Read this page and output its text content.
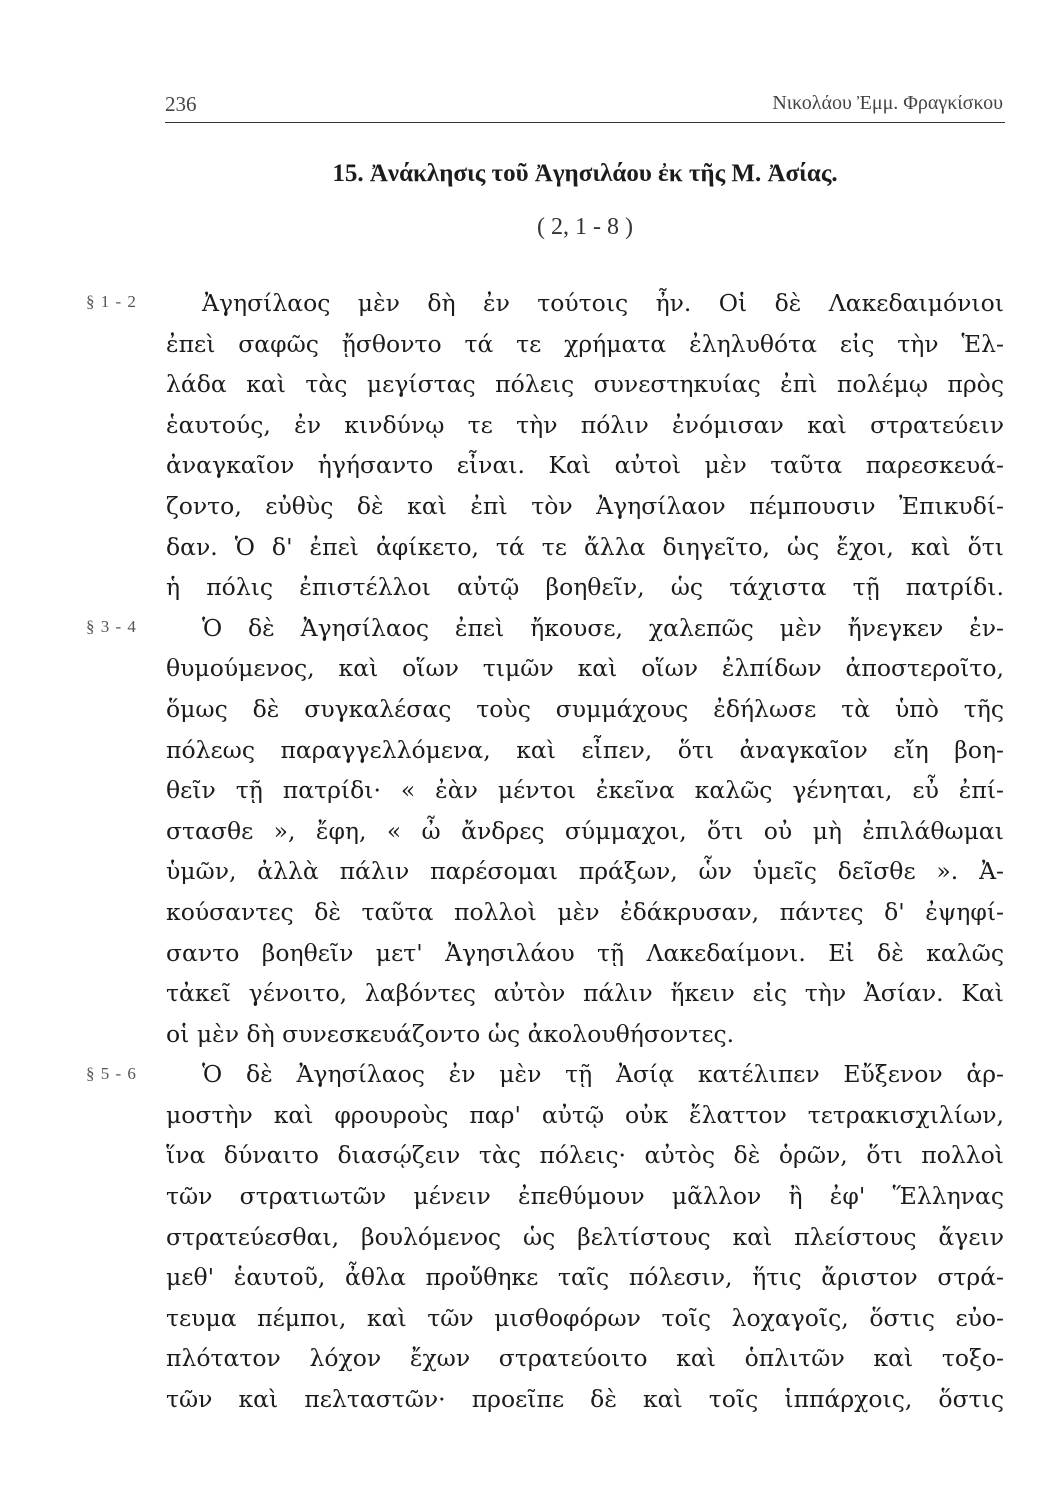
236	Νικολάου Ἐμμ. Φραγκίσκου
15. Ἀνάκλησις τοῦ Ἀγησιλάου ἐκ τῆς Μ. Ἀσίας.
( 2, 1 - 8 )
§ 1 - 2
§ 3 - 4
§ 5 - 6
Ἀγησίλαος μὲν δὴ ἐν τούτοις ἦν. Οἱ δὲ Λακεδαιμόνιοι
ἐπεὶ σαφῶς ᾔσθοντο τά τε χρήματα ἐληλυθότα εἰς τὴν Ἑλ-
λάδα καὶ τὰς μεγίστας πόλεις συνεστηκυίας ἐπὶ πολέμῳ πρὸς
ἑαυτούς, ἐν κινδύνῳ τε τὴν πόλιν ἐνόμισαν καὶ στρατεύειν
ἀναγκαῖον ἡγήσαντο εἶναι. Καὶ αὐτοὶ μὲν ταῦτα παρεσκευά-
ζοντο, εὐθὺς δὲ καὶ ἐπὶ τὸν Ἀγησίλαον πέμπουσιν Ἐπικυδί-
δαν. Ὁ δ' ἐπεὶ ἀφίκετο, τά τε ἄλλα διηγεῖτο, ὡς ἔχοι, καὶ ὅτι
ἡ πόλις ἐπιστέλλοι αὐτῷ βοηθεῖν, ὡς τάχιστα τῇ πατρίδι.
Ὁ δὲ Ἀγησίλαος ἐπεὶ ἤκουσε, χαλεπῶς μὲν ἤνεγκεν ἐν-
θυμούμενος, καὶ οἵων τιμῶν καὶ οἵων ἐλπίδων ἀποστεροῖτο,
ὅμως δὲ συγκαλέσας τοὺς συμμάχους ἐδήλωσε τὰ ὑπὸ τῆς
πόλεως παραγγελλόμενα, καὶ εἶπεν, ὅτι ἀναγκαῖον εἴη βοη-
θεῖν τῇ πατρίδι· « ἐὰν μέντοι ἐκεῖνα καλῶς γένηται, εὖ ἐπί-
στασθε », ἔφη, « ὦ ἄνδρες σύμμαχοι, ὅτι οὐ μὴ ἐπιλάθωμαι
ὑμῶν, ἀλλὰ πάλιν παρέσομαι πράξων, ὧν ὑμεῖς δεῖσθε ». Ἀ-
κούσαντες δὲ ταῦτα πολλοὶ μὲν ἐδάκρυσαν, πάντες δ' ἐψηφί-
σαντο βοηθεῖν μετ' Ἀγησιλάου τῇ Λακεδαίμονι. Εἰ δὲ καλῶς
τἀκεῖ γένοιτο, λαβόντες αὐτὸν πάλιν ἥκειν εἰς τὴν Ἀσίαν. Καὶ
οἱ μὲν δὴ συνεσκευάζοντο ὡς ἀκολουθήσοντες.
Ὁ δὲ Ἀγησίλαος ἐν μὲν τῇ Ἀσίᾳ κατέλιπεν Εὔξενον ἁρ-
μοστὴν καὶ φρουροὺς παρ' αὐτῷ οὐκ ἔλαττον τετρακισχιλίων,
ἵνα δύναιτο διασῴζειν τὰς πόλεις· αὐτὸς δὲ ὁρῶν, ὅτι πολλοὶ
τῶν στρατιωτῶν μένειν ἐπεθύμουν μᾶλλον ἢ ἐφ' Ἕλληνας
στρατεύεσθαι, βουλόμενος ὡς βελτίστους καὶ πλείστους ἄγειν
μεθ' ἑαυτοῦ, ἆθλα προὔθηκε ταῖς πόλεσιν, ἥτις ἄριστον στρά-
τευμα πέμποι, καὶ τῶν μισθοφόρων τοῖς λοχαγοῖς, ὅστις εὐο-
πλότατον λόχον ἔχων στρατεύοιτο καὶ ὁπλιτῶν καὶ τοξο-
τῶν καὶ πελταστῶν· προεῖπε δὲ καὶ τοῖς ἱππάρχοις, ὅστις
